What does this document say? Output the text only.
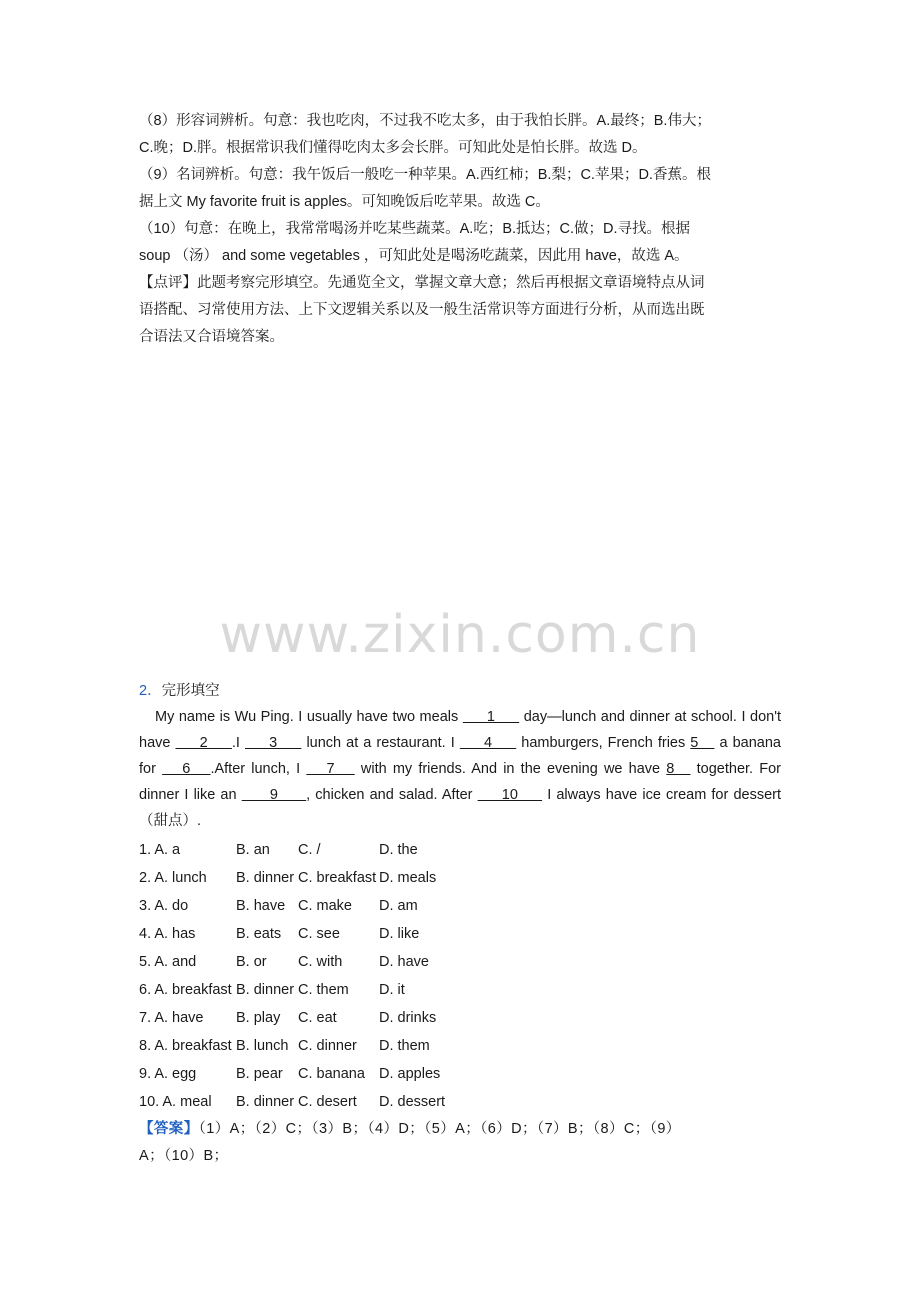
（8）形容词辨析。句意：我也吃肉，不过我不吃太多，由于我怕长胖。A.最终；B.伟大；

C.晚；D.胖。根据常识我们懂得吃肉太多会长胖。可知此处是怕长胖。故选 D。

（9）名词辨析。句意：我午饭后一般吃一种苹果。A.西红柿；B.梨；C.苹果；D.香蕉。根

据上文 My favorite fruit is apples。可知晚饭后吃苹果。故选 C。

（10）句意：在晚上，我常常喝汤并吃某些蔬菜。A.吃；B.抵达；C.做；D.寻找。根据

soup （汤） and some vegetables ，可知此处是喝汤吃蔬菜，因此用 have，故选 A。

【点评】此题考察完形填空。先通览全文，掌握文章大意；然后再根据文章语境特点从词

语搭配、习常使用方法、上下文逻辑关系以及一般生活常识等方面进行分析，从而选出既

合语法又合语境答案。

www.zixin.com.cn

2．完形填空

My name is Wu Ping. I usually have two meals       1       day—lunch and dinner at school. I don't have       2      .I       3       lunch at a restaurant. I       4       hamburgers, French fries 5     a banana for      6     .After lunch, I      7      with my friends. And in the evening we have 8     together. For dinner I like an        9       , chicken and salad. After       10       I always have ice cream for dessert（甜点）.

1. A. a	B. an	C. /	D. the
2. A. lunch	B. dinner C. breakfast D. meals
3. A. do	B. have C. make	D. am
4. A. has	B. eats	C. see	D. like
5. A. and	B. or	C. with	D. have
6. A. breakfast B. dinner C. them	D. it
7. A. have	B. play	C. eat	D. drinks
8. A. breakfast B. lunch C. dinner	D. them
9. A. egg	B. pear	C. banana D. apples
10. A. meal	B. dinner C. desert	D. dessert

【答案】（1）A；（2）C；（3）B；（4）D；（5）A；（6）D；（7）B；（8）C；（9）

A；（10）B；
